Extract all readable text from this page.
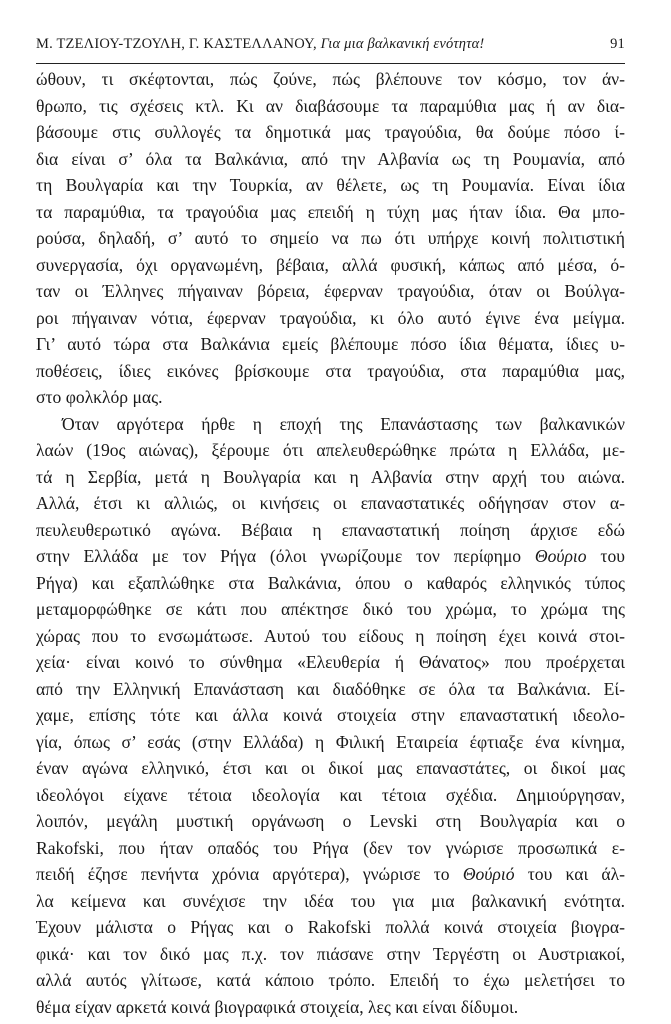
Μ. ΤΖΕΛΙΟΥ-ΤΖΟΥΛΗ, Γ. ΚΑΣΤΕΛΛΑΝΟΥ, Για μια βαλκανική ενότητα!	91
ώθουν, τι σκέφτονται, πώς ζούνε, πώς βλέπουνε τον κόσμο, τον άν-
θρωπο, τις σχέσεις κτλ. Κι αν διαβάσουμε τα παραμύθια μας ή αν δια-
βάσουμε στις συλλογές τα δημοτικά μας τραγούδια, θα δούμε πόσο ί-
δια είναι σ’ όλα τα Βαλκάνια, από την Αλβανία ως τη Ρουμανία, από
τη Βουλγαρία και την Τουρκία, αν θέλετε, ως τη Ρουμανία. Είναι ίδια
τα παραμύθια, τα τραγούδια μας επειδή η τύχη μας ήταν ίδια. Θα μπο-
ρούσα, δηλαδή, σ’ αυτό το σημείο να πω ότι υπήρχε κοινή πολιτιστική
συνεργασία, όχι οργανωμένη, βέβαια, αλλά φυσική, κάπως από μέσα, ό-
ταν οι Έλληνες πήγαιναν βόρεια, έφερναν τραγούδια, όταν οι Βούλγα-
ροι πήγαιναν νότια, έφερναν τραγούδια, κι όλο αυτό έγινε ένα μείγμα.
Γι’ αυτό τώρα στα Βαλκάνια εμείς βλέπουμε πόσο ίδια θέματα, ίδιες υ-
ποθέσεις, ίδιες εικόνες βρίσκουμε στα τραγούδια, στα παραμύθια μας,
στο φολκλόρ μας.
Όταν αργότερα ήρθε η εποχή της Επανάστασης των βαλκανικών
λαών (19ος αιώνας), ξέρουμε ότι απελευθερώθηκε πρώτα η Ελλάδα, με-
τά η Σερβία, μετά η Βουλγαρία και η Αλβανία στην αρχή του αιώνα.
Αλλά, έτσι κι αλλιώς, οι κινήσεις οι επαναστατικές οδήγησαν στον α-
πευλευθερωτικό αγώνα. Βέβαια η επαναστατική ποίηση άρχισε εδώ
στην Ελλάδα με τον Ρήγα (όλοι γνωρίζουμε τον περίφημο Θούριο του
Ρήγα) και εξαπλώθηκε στα Βαλκάνια, όπου ο καθαρός ελληνικός τύπος
μεταμορφώθηκε σε κάτι που απέκτησε δικό του χρώμα, το χρώμα της
χώρας που το ενσωμάτωσε. Αυτού του είδους η ποίηση έχει κοινά στοι-
χεία· είναι κοινό το σύνθημα «Ελευθερία ή Θάνατος» που προέρχεται
από την Ελληνική Επανάσταση και διαδόθηκε σε όλα τα Βαλκάνια. Εί-
χαμε, επίσης τότε και άλλα κοινά στοιχεία στην επαναστατική ιδεολο-
γία, όπως σ’ εσάς (στην Ελλάδα) η Φιλική Εταιρεία έφτιαξε ένα κίνημα,
έναν αγώνα ελληνικό, έτσι και οι δικοί μας επαναστάτες, οι δικοί μας
ιδεολόγοι είχανε τέτοια ιδεολογία και τέτοια σχέδια. Δημιούργησαν,
λοιπόν, μεγάλη μυστική οργάνωση ο Levski στη Βουλγαρία και ο
Rakofski, που ήταν οπαδός του Ρήγα (δεν τον γνώρισε προσωπικά ε-
πειδή έζησε πενήντα χρόνια αργότερα), γνώρισε το Θούριό του και άλ-
λα κείμενα και συνέχισε την ιδέα του για μια βαλκανική ενότητα.
Έχουν μάλιστα ο Ρήγας και ο Rakofski πολλά κοινά στοιχεία βιογρα-
φικά· και τον δικό μας π.χ. τον πιάσανε στην Τεργέστη οι Αυστριακοί,
αλλά αυτός γλίτωσε, κατά κάποιο τρόπο. Επειδή το έχω μελετήσει το
θέμα είχαν αρκετά κοινά βιογραφικά στοιχεία, λες και είναι δίδυμοι.
